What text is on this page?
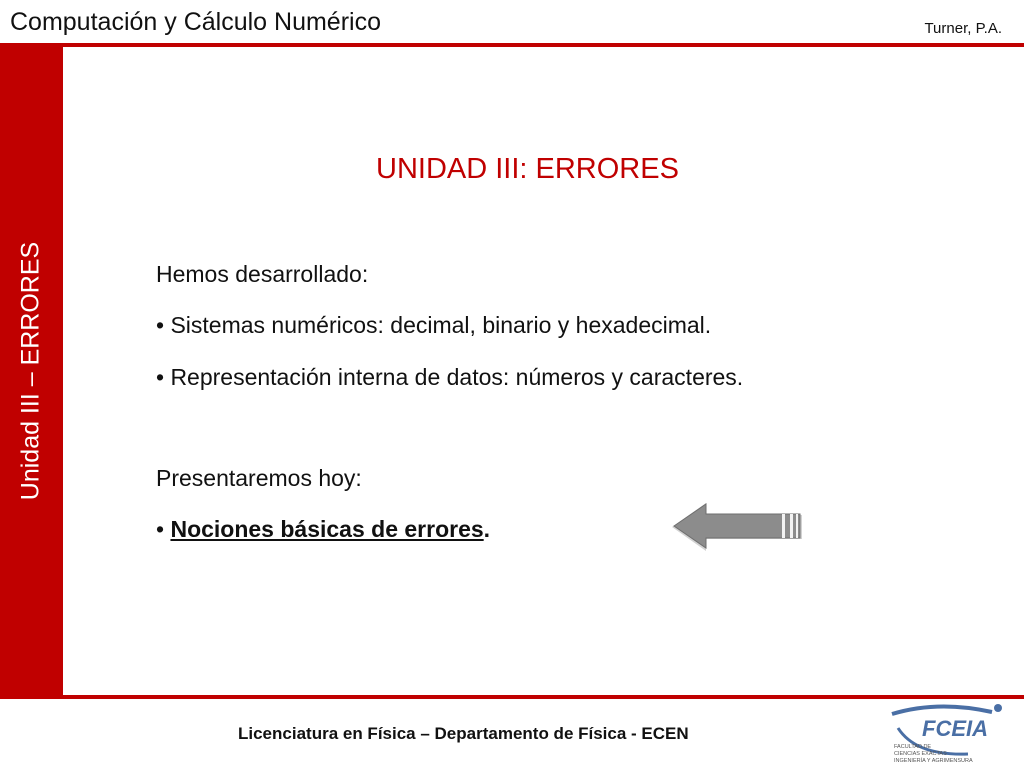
Computación y Cálculo Numérico	Turner, P.A.
Unidad III – ERRORES
UNIDAD III: ERRORES
Hemos desarrollado:
• Sistemas numéricos: decimal, binario y hexadecimal.
• Representación interna de datos: números y caracteres.
Presentaremos hoy:
• Nociones básicas de errores.
Licenciatura en Física – Departamento de Física - ECEN	FCEIA
FACULTAD DE
CIENCIAS EXACTAS
INGENIERÍA Y AGRIMENSURA
